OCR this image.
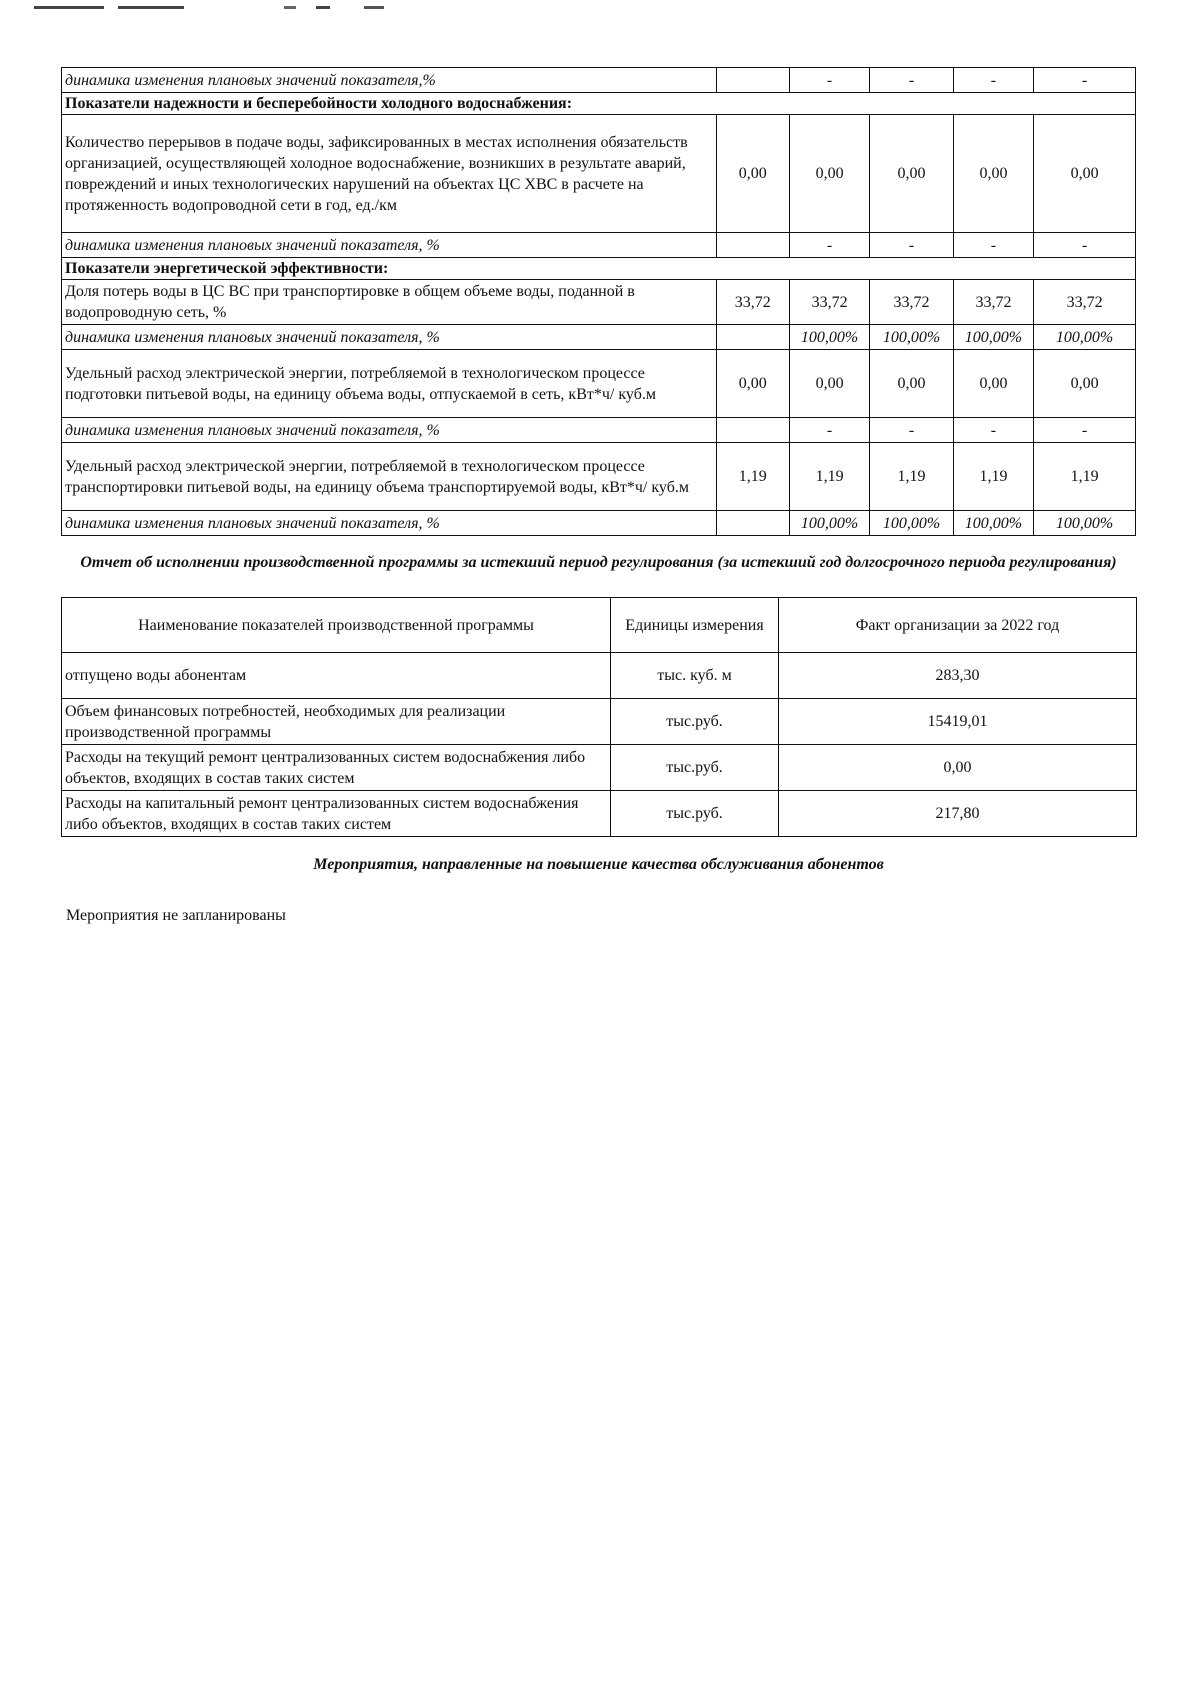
динамика изменения плановых значений показателя,%		-	-	-	-
Показатели надежности и бесперебойности холодного водоснабжения:					
Количество перерывов в подаче воды, зафиксированных в местах исполнения обязательств организацией, осуществляющей холодное водоснабжение, возникших в результате аварий, повреждений и иных технологических нарушений на объектах ЦС ХВС в расчете на протяженность водопроводной сети в год, ед./км	0,00	0,00	0,00	0,00	0,00
динамика изменения плановых значений показателя, %		-	-	-	-
Показатели энергетической эффективности:					
Доля потерь воды в ЦС ВС при транспортировке в общем объеме воды, поданной в водопроводную сеть, %	33,72	33,72	33,72	33,72	33,72
динамика изменения плановых значений показателя, %		100,00%	100,00%	100,00%	100,00%
Удельный расход электрической энергии, потребляемой в технологическом процессе подготовки питьевой воды, на единицу объема воды, отпускаемой в сеть, кВт*ч/ куб.м	0,00	0,00	0,00	0,00	0,00
динамика изменения плановых значений показателя, %		-	-	-	-
Удельный расход электрической энергии, потребляемой в технологическом процессе транспортировки питьевой воды, на единицу объема транспортируемой воды, кВт*ч/ куб.м	1,19	1,19	1,19	1,19	1,19
динамика изменения плановых значений показателя, %		100,00%	100,00%	100,00%	100,00%
Отчет об исполнении производственной программы за истекший период регулирования (за истекший год долгосрочного периода регулирования)
Наименование показателей производственной программы	Единицы измерения	Факт организации за 2022 год
отпущено воды абонентам	тыс. куб. м	283,30
Объем финансовых потребностей, необходимых для реализации производственной программы	тыс.руб.	15419,01
Расходы на текущий ремонт централизованных систем водоснабжения либо объектов, входящих в состав таких систем	тыс.руб.	0,00
Расходы на капитальный ремонт централизованных систем водоснабжения либо объектов, входящих в состав таких систем	тыс.руб.	217,80
Мероприятия, направленные на повышение качества обслуживания абонентов
Мероприятия не запланированы
